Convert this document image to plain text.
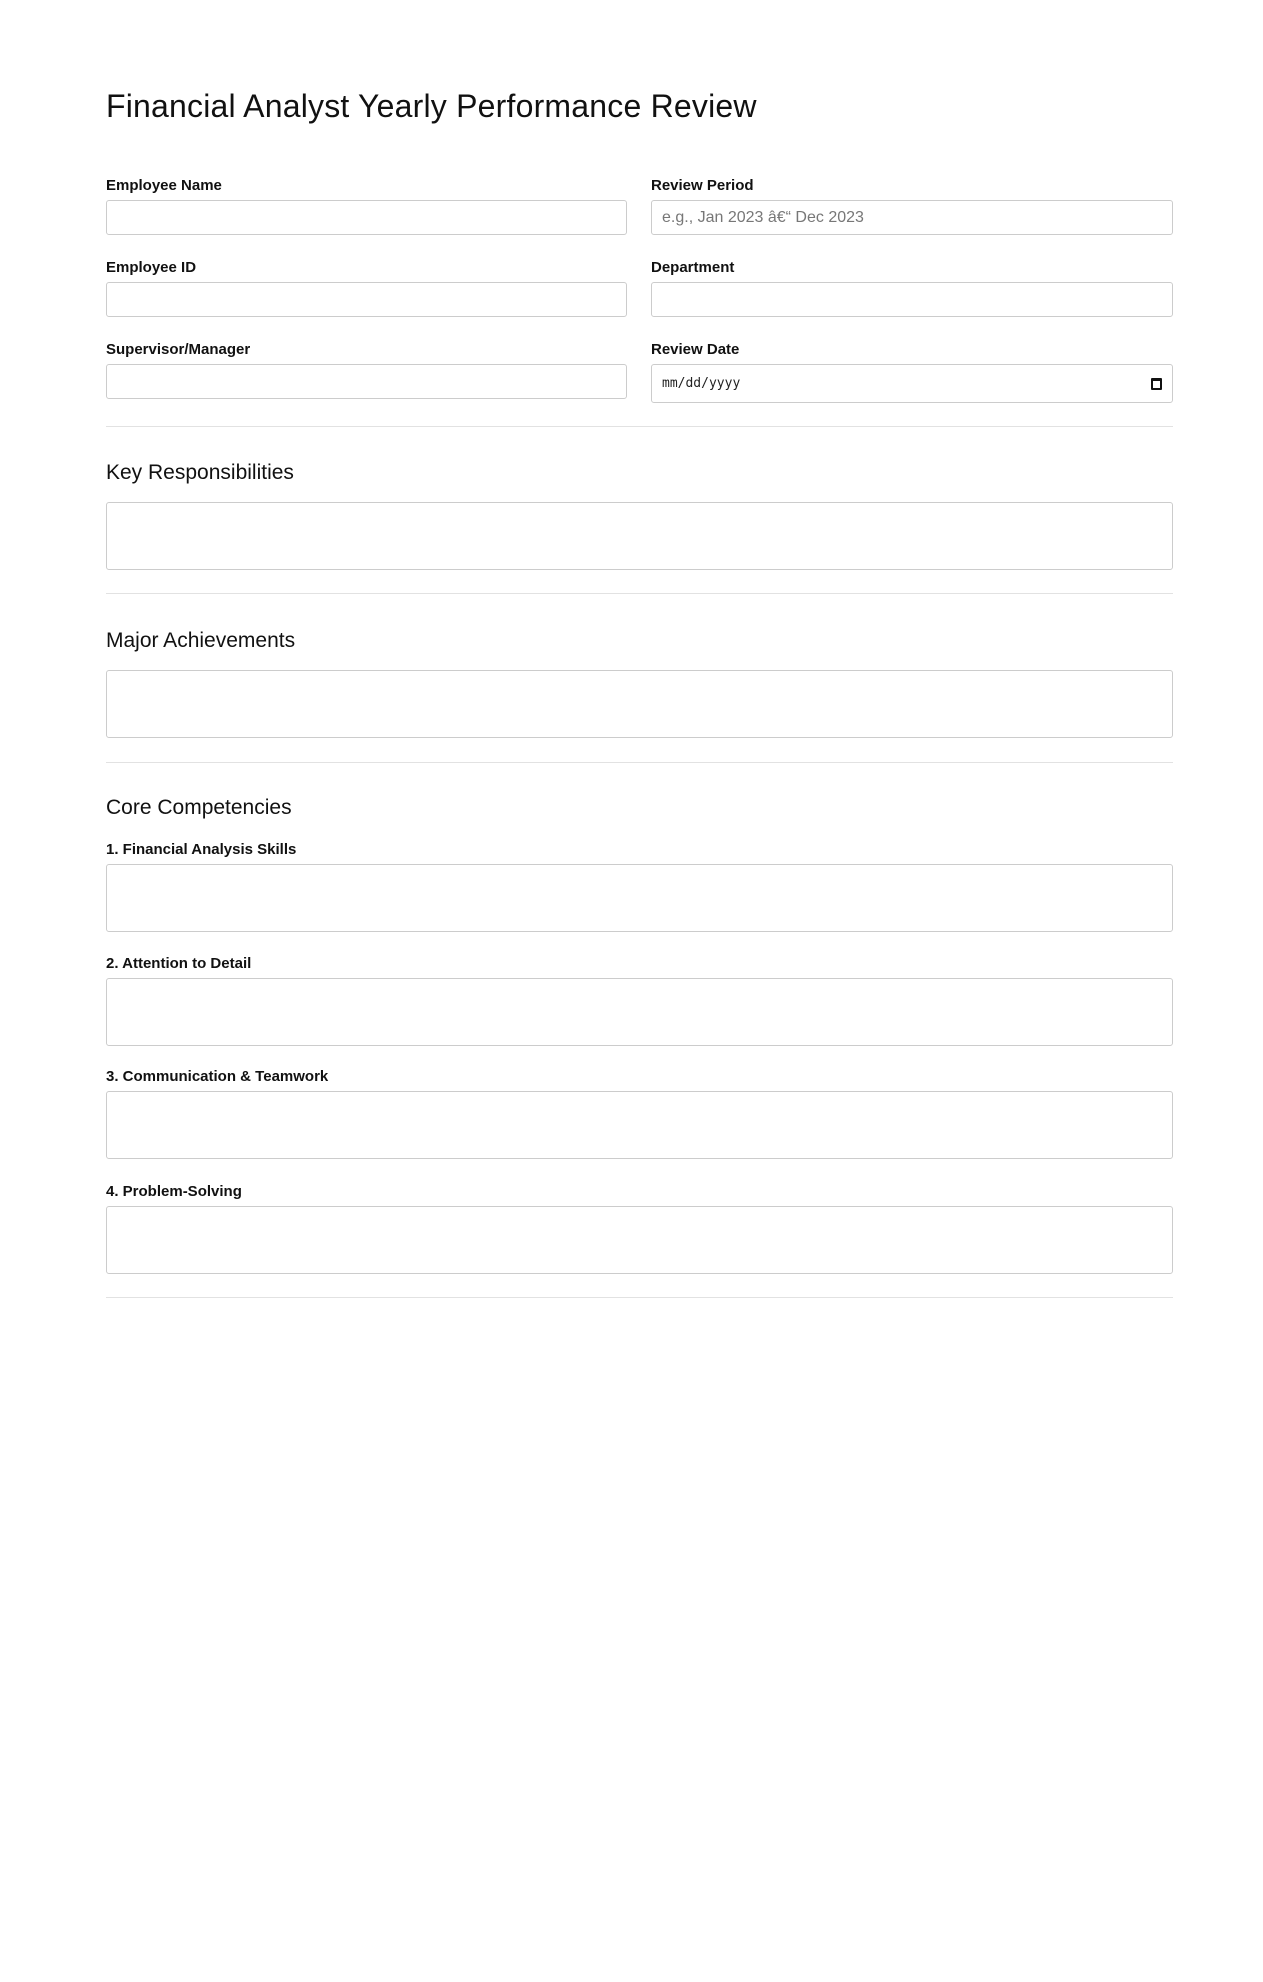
Financial Analyst Yearly Performance Review
Employee Name	Review Period
e.g., Jan 2023 â€“ Dec 2023
Employee ID	Department
Supervisor/Manager	Review Date
mm/dd/yyyy
Key Responsibilities
Major Achievements
Core Competencies
1. Financial Analysis Skills
2. Attention to Detail
3. Communication & Teamwork
4. Problem-Solving
